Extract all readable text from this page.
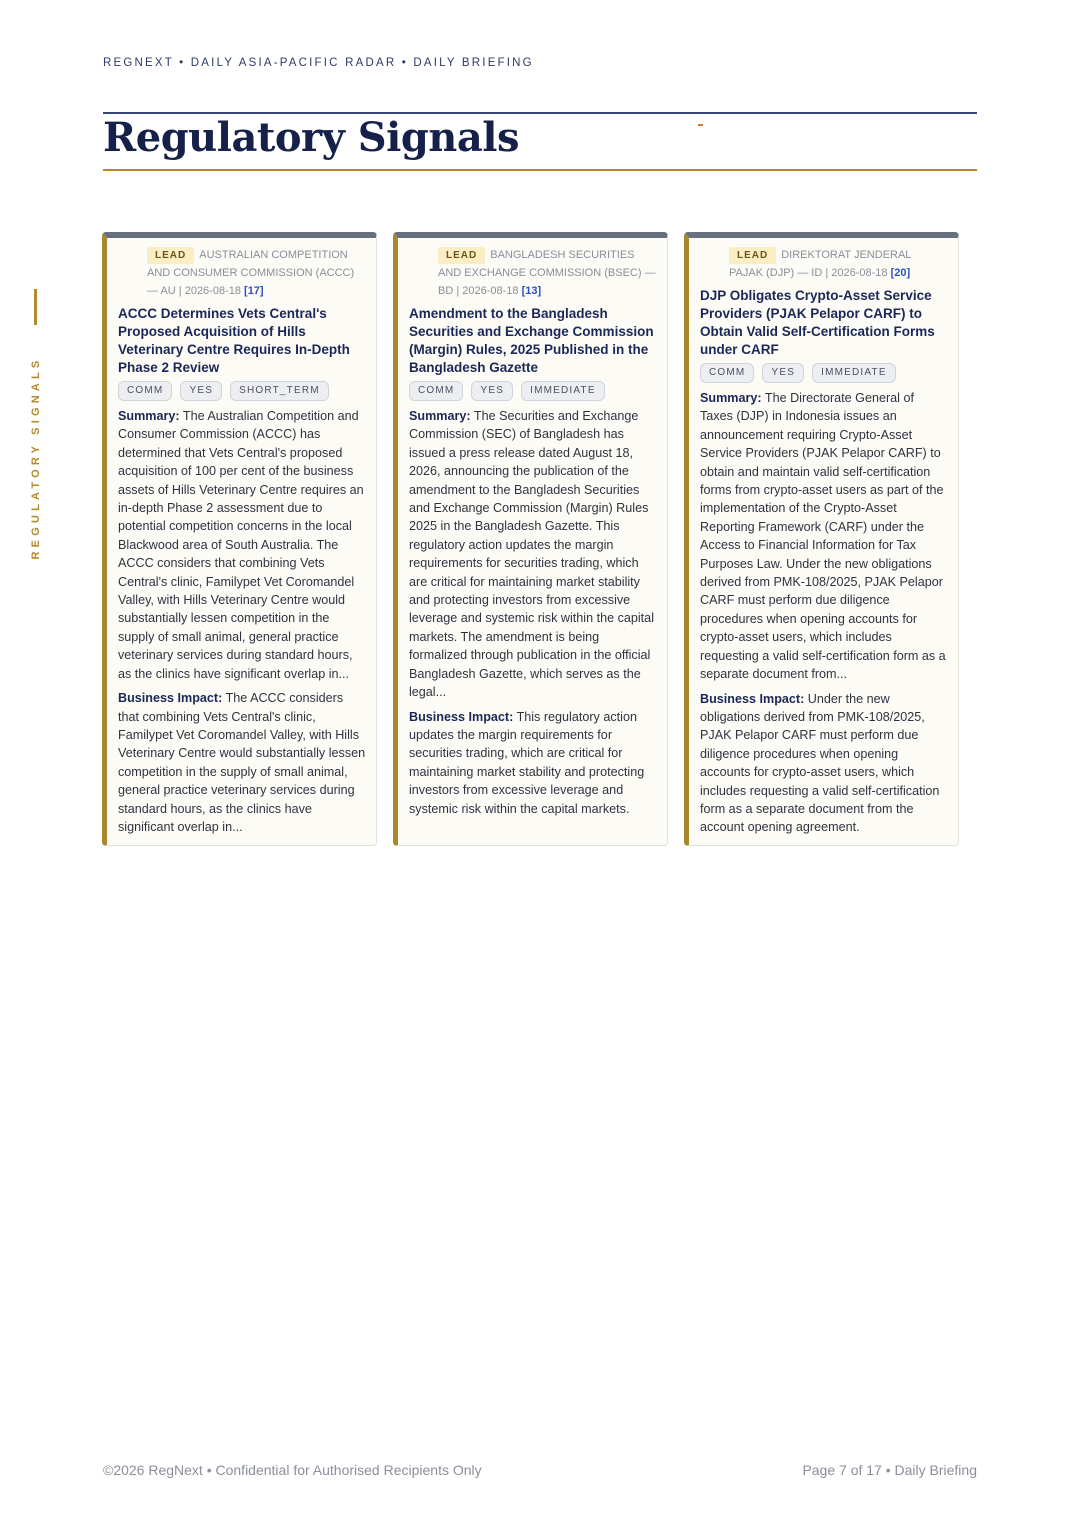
REGNEXT • DAILY ASIA-PACIFIC RADAR • DAILY BRIEFING
Regulatory Signals
REGULATORY SIGNALS
LEAD AUSTRALIAN COMPETITION AND CONSUMER COMMISSION (ACCC) — AU | 2026-08-18 [17]
ACCC Determines Vets Central's Proposed Acquisition of Hills Veterinary Centre Requires In-Depth Phase 2 Review
COMM	YES	SHORT_TERM
Summary: The Australian Competition and Consumer Commission (ACCC) has determined that Vets Central's proposed acquisition of 100 per cent of the business assets of Hills Veterinary Centre requires an in-depth Phase 2 assessment due to potential competition concerns in the local Blackwood area of South Australia. The ACCC considers that combining Vets Central's clinic, Familypet Vet Coromandel Valley, with Hills Veterinary Centre would substantially lessen competition in the supply of small animal, general practice veterinary services during standard hours, as the clinics have significant overlap in...
Business Impact: The ACCC considers that combining Vets Central's clinic, Familypet Vet Coromandel Valley, with Hills Veterinary Centre would substantially lessen competition in the supply of small animal, general practice veterinary services during standard hours, as the clinics have significant overlap in...
LEAD BANGLADESH SECURITIES AND EXCHANGE COMMISSION (BSEC) — BD | 2026-08-18 [13]
Amendment to the Bangladesh Securities and Exchange Commission (Margin) Rules, 2025 Published in the Bangladesh Gazette
COMM	YES	IMMEDIATE
Summary: The Securities and Exchange Commission (SEC) of Bangladesh has issued a press release dated August 18, 2026, announcing the publication of the amendment to the Bangladesh Securities and Exchange Commission (Margin) Rules 2025 in the Bangladesh Gazette. This regulatory action updates the margin requirements for securities trading, which are critical for maintaining market stability and protecting investors from excessive leverage and systemic risk within the capital markets. The amendment is being formalized through publication in the official Bangladesh Gazette, which serves as the legal...
Business Impact: This regulatory action updates the margin requirements for securities trading, which are critical for maintaining market stability and protecting investors from excessive leverage and systemic risk within the capital markets.
LEAD DIREKTORAT JENDERAL PAJAK (DJP) — ID | 2026-08-18 [20]
DJP Obligates Crypto-Asset Service Providers (PJAK Pelapor CARF) to Obtain Valid Self-Certification Forms under CARF
COMM	YES	IMMEDIATE
Summary: The Directorate General of Taxes (DJP) in Indonesia issues an announcement requiring Crypto-Asset Service Providers (PJAK Pelapor CARF) to obtain and maintain valid self-certification forms from crypto-asset users as part of the implementation of the Crypto-Asset Reporting Framework (CARF) under the Access to Financial Information for Tax Purposes Law. Under the new obligations derived from PMK-108/2025, PJAK Pelapor CARF must perform due diligence procedures when opening accounts for crypto-asset users, which includes requesting a valid self-certification form as a separate document from...
Business Impact: Under the new obligations derived from PMK-108/2025, PJAK Pelapor CARF must perform due diligence procedures when opening accounts for crypto-asset users, which includes requesting a valid self-certification form as a separate document from the account opening agreement.
©2026 RegNext • Confidential for Authorised Recipients Only	Page 7 of 17 • Daily Briefing
